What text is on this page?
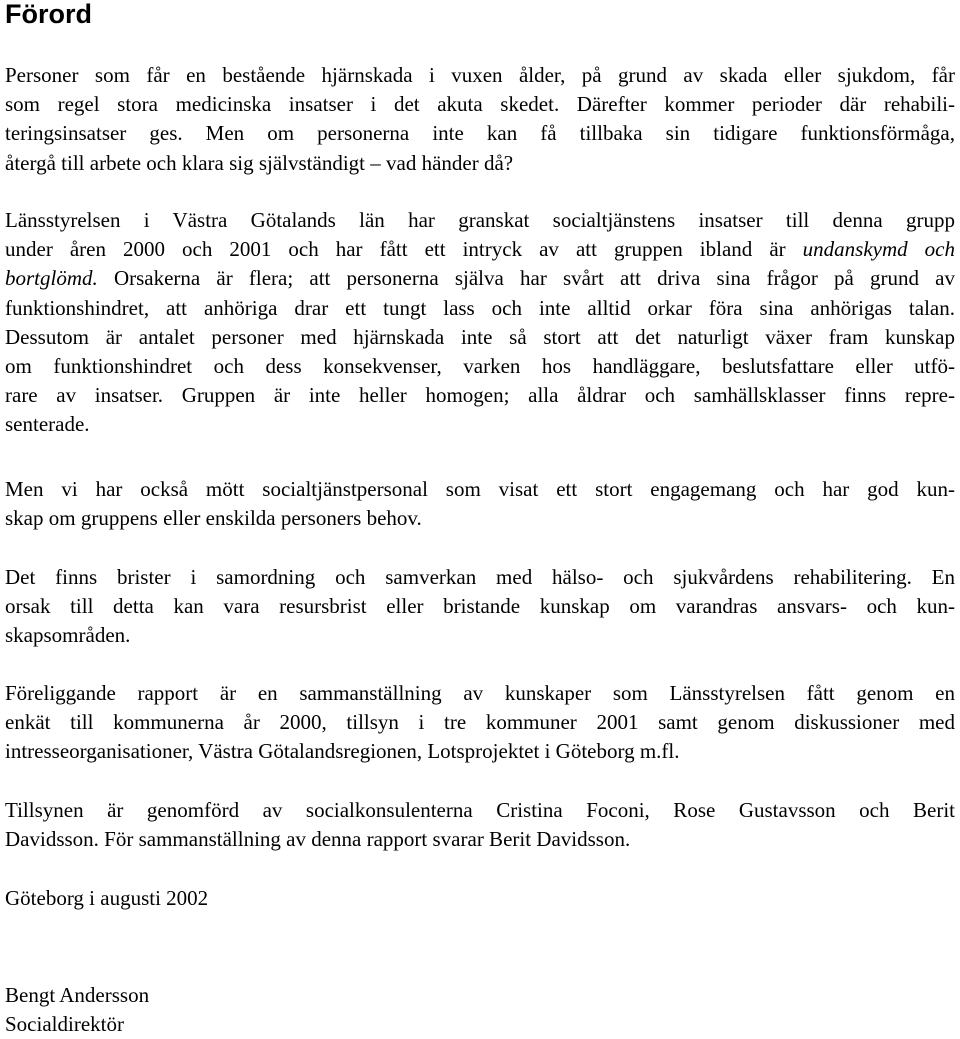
Förord
Personer som får en bestående hjärnskada i vuxen ålder, på grund av skada eller sjukdom, får
som regel stora medicinska insatser i det akuta skedet. Därefter kommer perioder där rehabili-
teringsinsatser ges. Men om personerna inte kan få tillbaka sin tidigare funktionsförmåga,
återgå till arbete och klara sig självständigt – vad händer då?
Länsstyrelsen i Västra Götalands län har granskat socialtjänstens insatser till denna grupp
under åren 2000 och 2001 och har fått ett intryck av att gruppen ibland är undanskymd och
bortglömd. Orsakerna är flera; att personerna själva har svårt att driva sina frågor på grund av
funktionshindret, att anhöriga drar ett tungt lass och inte alltid orkar föra sina anhörigas talan.
Dessutom är antalet personer med hjärnskada inte så stort att det naturligt växer fram kunskap
om funktionshindret och dess konsekvenser, varken hos handläggare, beslutsfattare eller utfö-
rare av insatser. Gruppen är inte heller homogen; alla åldrar och samhällsklasser finns repre-
senterade.
Men vi har också mött socialtjänstpersonal som visat ett stort engagemang och har god kun-
skap om gruppens eller enskilda personers behov.
Det finns brister i samordning och samverkan med hälso- och sjukvårdens rehabilitering. En
orsak till detta kan vara resursbrist eller bristande kunskap om varandras ansvars- och kun-
skapsområden.
Föreliggande rapport är en sammanställning av kunskaper som Länsstyrelsen fått genom en
enkät till kommunerna år 2000, tillsyn i tre kommuner 2001 samt genom diskussioner med
intresseorganisationer, Västra Götalandsregionen, Lotsprojektet i Göteborg m.fl.
Tillsynen är genomförd av socialkonsulenterna Cristina Foconi, Rose Gustavsson och Berit
Davidsson. För sammanställning av denna rapport svarar Berit Davidsson.
Göteborg i augusti 2002
Bengt Andersson
Socialdirektör
